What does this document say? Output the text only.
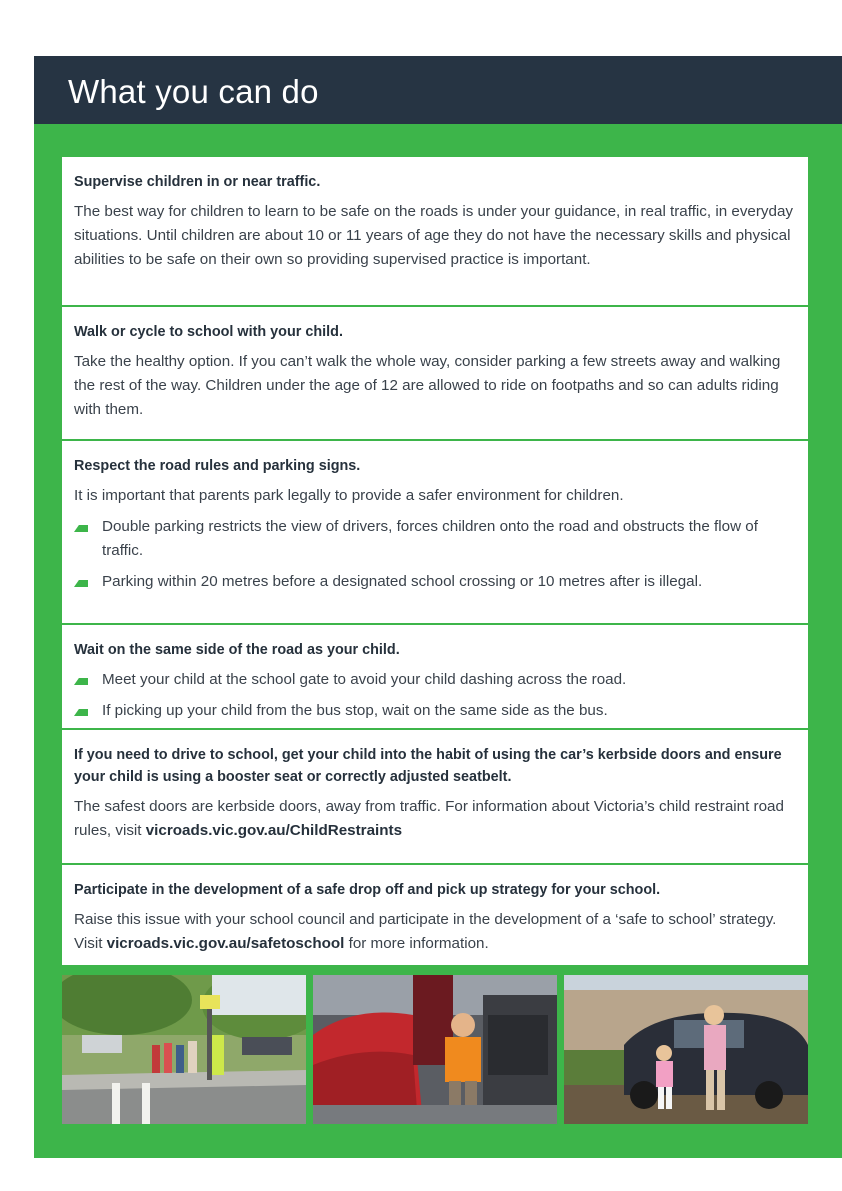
What you can do
Supervise children in or near traffic.

The best way for children to learn to be safe on the roads is under your guidance, in real traffic, in everyday situations. Until children are about 10 or 11 years of age they do not have the necessary skills and physical abilities to be safe on their own so providing supervised practice is important.

Walk or cycle to school with your child.

Take the healthy option. If you can’t walk the whole way, consider parking a few streets away and walking the rest of the way. Children under the age of 12 are allowed to ride on footpaths and so can adults riding with them.

Respect the road rules and parking signs.

It is important that parents park legally to provide a safer environment for children.

Double parking restricts the view of drivers, forces children onto the road and obstructs the flow of traffic.
Parking within 20 metres before a designated school crossing or 10 metres after is illegal.
Wait on the same side of the road as your child.
Meet your child at the school gate to avoid your child dashing across the road.
If picking up your child from the bus stop, wait on the same side as the bus.
If you need to drive to school, get your child into the habit of using the car’s kerbside doors and ensure your child is using a booster seat or correctly adjusted seatbelt.

The safest doors are kerbside doors, away from traffic. For information about Victoria’s child restraint road rules, visit vicroads.vic.gov.au/ChildRestraints

Participate in the development of a safe drop off and pick up strategy for your school.

Raise this issue with your school council and participate in the development of a ‘safe to school’ strategy. Visit vicroads.vic.gov.au/safetoschool for more information.
